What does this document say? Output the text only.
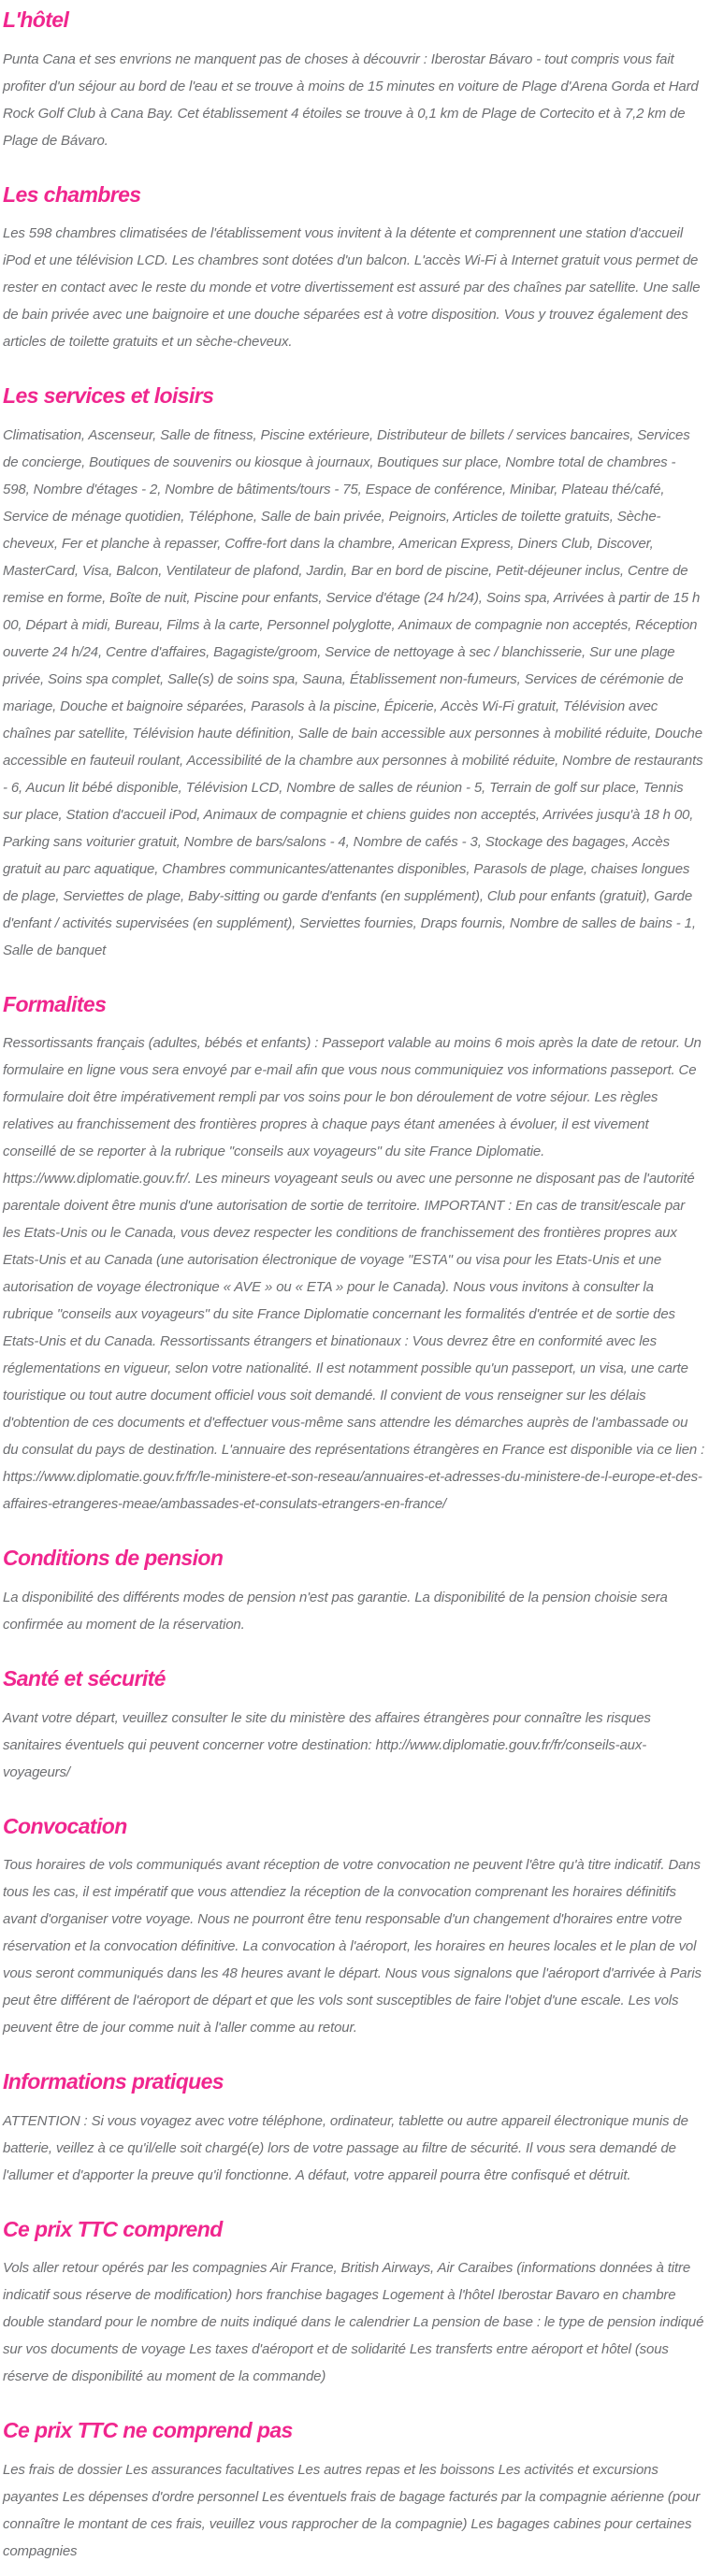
L'hôtel

Punta Cana et ses envrions ne manquent pas de choses à découvrir : Iberostar Bávaro - tout compris vous fait profiter d'un séjour au bord de l'eau et se trouve à moins de 15 minutes en voiture de Plage d'Arena Gorda et Hard Rock Golf Club à Cana Bay. Cet établissement 4 étoiles se trouve à 0,1 km de Plage de Cortecito et à 7,2 km de Plage de Bávaro.

Les chambres

Les 598 chambres climatisées de l'établissement vous invitent à la détente et comprennent une station d'accueil iPod et une télévision LCD. Les chambres sont dotées d'un balcon. L'accès Wi-Fi à Internet gratuit vous permet de rester en contact avec le reste du monde et votre divertissement est assuré par des chaînes par satellite. Une salle de bain privée avec une baignoire et une douche séparées est à votre disposition. Vous y trouvez également des articles de toilette gratuits et un sèche-cheveux.

Les services et loisirs

Climatisation, Ascenseur, Salle de fitness, Piscine extérieure, Distributeur de billets / services bancaires, Services de concierge, Boutiques de souvenirs ou kiosque à journaux, Boutiques sur place, Nombre total de chambres - 598, Nombre d'étages - 2, Nombre de bâtiments/tours - 75, Espace de conférence, Minibar, Plateau thé/café, Service de ménage quotidien, Téléphone, Salle de bain privée, Peignoirs, Articles de toilette gratuits, Sèche-cheveux, Fer et planche à repasser, Coffre-fort dans la chambre, American Express, Diners Club, Discover, MasterCard, Visa, Balcon, Ventilateur de plafond, Jardin, Bar en bord de piscine, Petit-déjeuner inclus, Centre de remise en forme, Boîte de nuit, Piscine pour enfants, Service d'étage (24 h/24), Soins spa, Arrivées à partir de 15 h 00, Départ à midi, Bureau, Films à la carte, Personnel polyglotte, Animaux de compagnie non acceptés, Réception ouverte 24 h/24, Centre d'affaires, Bagagiste/groom, Service de nettoyage à sec / blanchisserie, Sur une plage privée, Soins spa complet, Salle(s) de soins spa, Sauna, Établissement non-fumeurs, Services de cérémonie de mariage, Douche et baignoire séparées, Parasols à la piscine, Épicerie, Accès Wi-Fi gratuit, Télévision avec chaînes par satellite, Télévision haute définition, Salle de bain accessible aux personnes à mobilité réduite, Douche accessible en fauteuil roulant, Accessibilité de la chambre aux personnes à mobilité réduite, Nombre de restaurants - 6, Aucun lit bébé disponible, Télévision LCD, Nombre de salles de réunion - 5, Terrain de golf sur place, Tennis sur place, Station d'accueil iPod, Animaux de compagnie et chiens guides non acceptés, Arrivées jusqu'à 18 h 00, Parking sans voiturier gratuit, Nombre de bars/salons - 4, Nombre de cafés - 3, Stockage des bagages, Accès gratuit au parc aquatique, Chambres communicantes/attenantes disponibles, Parasols de plage, chaises longues de plage, Serviettes de plage, Baby-sitting ou garde d'enfants (en supplément), Club pour enfants (gratuit), Garde d'enfant / activités supervisées (en supplément), Serviettes fournies, Draps fournis, Nombre de salles de bains - 1, Salle de banquet

Formalites

Ressortissants français (adultes, bébés et enfants) : Passeport valable au moins 6 mois après la date de retour. Un formulaire en ligne vous sera envoyé par e-mail afin que vous nous communiquiez vos informations passeport. Ce formulaire doit être impérativement rempli par vos soins pour le bon déroulement de votre séjour. Les règles relatives au franchissement des frontières propres à chaque pays étant amenées à évoluer, il est vivement conseillé de se reporter à la rubrique "conseils aux voyageurs" du site France Diplomatie. https://www.diplomatie.gouv.fr/. Les mineurs voyageant seuls ou avec une personne ne disposant pas de l'autorité parentale doivent être munis d'une autorisation de sortie de territoire. IMPORTANT : En cas de transit/escale par les Etats-Unis ou le Canada, vous devez respecter les conditions de franchissement des frontières propres aux Etats-Unis et au Canada (une autorisation électronique de voyage "ESTA" ou visa pour les Etats-Unis et une autorisation de voyage électronique « AVE » ou « ETA » pour le Canada). Nous vous invitons à consulter la rubrique "conseils aux voyageurs" du site France Diplomatie concernant les formalités d'entrée et de sortie des Etats-Unis et du Canada. Ressortissants étrangers et binationaux : Vous devrez être en conformité avec les réglementations en vigueur, selon votre nationalité. Il est notamment possible qu'un passeport, un visa, une carte touristique ou tout autre document officiel vous soit demandé. Il convient de vous renseigner sur les délais d'obtention de ces documents et d'effectuer vous-même sans attendre les démarches auprès de l'ambassade ou du consulat du pays de destination. L'annuaire des représentations étrangères en France est disponible via ce lien : https://www.diplomatie.gouv.fr/fr/le-ministere-et-son-reseau/annuaires-et-adresses-du-ministere-de-l-europe-et-des-affaires-etrangeres-meae/ambassades-et-consulats-etrangers-en-france/

Conditions de pension

La disponibilité des différents modes de pension n'est pas garantie. La disponibilité de la pension choisie sera confirmée au moment de la réservation.

Santé et sécurité

Avant votre départ, veuillez consulter le site du ministère des affaires étrangères pour connaître les risques sanitaires éventuels qui peuvent concerner votre destination: http://www.diplomatie.gouv.fr/fr/conseils-aux-voyageurs/

Convocation

Tous horaires de vols communiqués avant réception de votre convocation ne peuvent l'être qu'à titre indicatif. Dans tous les cas, il est impératif que vous attendiez la réception de la convocation comprenant les horaires définitifs avant d'organiser votre voyage. Nous ne pourront être tenu responsable d'un changement d'horaires entre votre réservation et la convocation définitive. La convocation à l'aéroport, les horaires en heures locales et le plan de vol vous seront communiqués dans les 48 heures avant le départ. Nous vous signalons que l'aéroport d'arrivée à Paris peut être différent de l'aéroport de départ et que les vols sont susceptibles de faire l'objet d'une escale. Les vols peuvent être de jour comme nuit à l'aller comme au retour.

Informations pratiques

ATTENTION : Si vous voyagez avec votre téléphone, ordinateur, tablette ou autre appareil électronique munis de batterie, veillez à ce qu'il/elle soit chargé(e) lors de votre passage au filtre de sécurité. Il vous sera demandé de l'allumer et d'apporter la preuve qu'il fonctionne. A défaut, votre appareil pourra être confisqué et détruit.

Ce prix TTC comprend

Vols aller retour opérés par les compagnies Air France, British Airways, Air Caraibes (informations données à titre indicatif sous réserve de modification) hors franchise bagages Logement à l'hôtel Iberostar Bavaro en chambre double standard pour le nombre de nuits indiqué dans le calendrier La pension de base : le type de pension indiqué sur vos documents de voyage Les taxes d'aéroport et de solidarité Les transferts entre aéroport et hôtel (sous réserve de disponibilité au moment de la commande)

Ce prix TTC ne comprend pas

Les frais de dossier Les assurances facultatives Les autres repas et les boissons Les activités et excursions payantes Les dépenses d'ordre personnel Les éventuels frais de bagage facturés par la compagnie aérienne (pour connaître le montant de ces frais, veuillez vous rapprocher de la compagnie) Les bagages cabines pour certaines compagnies
